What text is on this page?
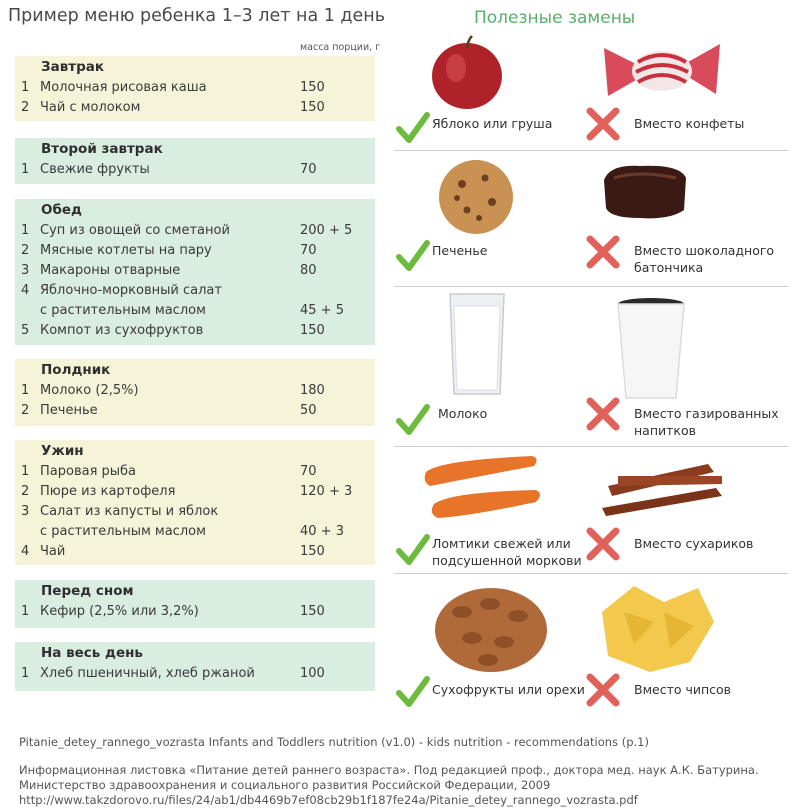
Пример меню ребенка 1–3 лет на 1 день
масса порции, г
Завтрак
1 Молочная рисовая каша	150
2 Чай с молоком	150
Второй завтрак
1 Свежие фрукты	70
Обед
1 Суп из овощей со сметаной	200 + 5
2 Мясные котлеты на пару	70
3 Макароны отварные	80
4 Яблочно-морковный салат
с растительным маслом	45 + 5
5 Компот из сухофруктов	150
Полдник
1 Молоко (2,5%)	180
2 Печенье	50
Ужин
1 Паровая рыба	70
2 Пюре из картофеля	120 + 3
3 Салат из капусты и яблок
с растительным маслом	40 + 3
4 Чай	150
Перед сном
1 Кефир (2,5% или 3,2%)	150
На весь день
1 Хлеб пшеничный, хлеб ржаной	100
Полезные замены
Яблоко или груша	Вместо конфеты
Печенье	Вместо шоколадного
батончика
Молоко	Вместо газированных
напитков
Ломтики свежей или
подсушенной моркови
Вместо сухариков
Сухофрукты или орехи	Вместо чипсов
Pitanie_detey_rannego_vozrasta Infants and Toddlers nutrition (v1.0) - kids nutrition - recommendations (p.1)
Информационная листовка «Питание детей раннего возраста». Под редакцией проф., доктора мед. наук А.К. Батурина.
Министерство здравоохранения и социального развития Российской Федерации, 2009
http://www.takzdorovo.ru/files/24/ab1/db4469b7ef08cb29b1f187fe24a/Pitanie_detey_rannego_vozrasta.pdf
